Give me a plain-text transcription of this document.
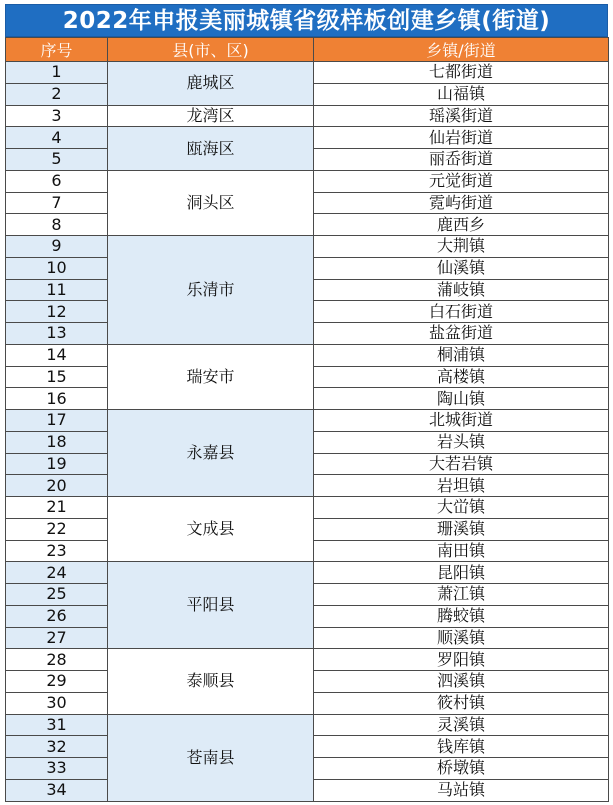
2022年申报美丽城镇省级样板创建乡镇(街道)
序号	县(市、区)	乡镇/街道
1	鹿城区	七都街道
2		山福镇
3	龙湾区	瑶溪街道
4	瓯海区	仙岩街道
5		丽岙街道
6	洞头区	元觉街道
7		霓屿街道
8		鹿西乡
9	乐清市	大荆镇
10		仙溪镇
11		蒲岐镇
12		白石街道
13		盐盆街道
14	瑞安市	桐浦镇
15		高楼镇
16		陶山镇
17	永嘉县	北城街道
18		岩头镇
19		大若岩镇
20		岩坦镇
21	文成县	大峃镇
22		珊溪镇
23		南田镇
24	平阳县	昆阳镇
25		萧江镇
26		腾蛟镇
27		顺溪镇
28	泰顺县	罗阳镇
29		泗溪镇
30		筱村镇
31	苍南县	灵溪镇
32		钱库镇
33		桥墩镇
34		马站镇
